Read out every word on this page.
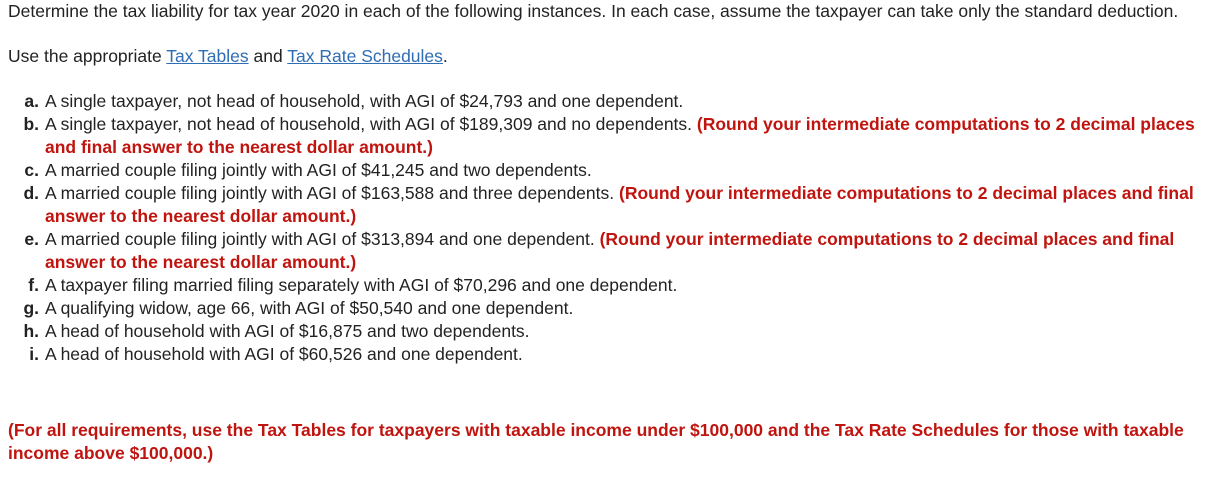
Determine the tax liability for tax year 2020 in each of the following instances. In each case, assume the taxpayer can take only the standard deduction.

Use the appropriate Tax Tables and Tax Rate Schedules.

a. A single taxpayer, not head of household, with AGI of $24,793 and one dependent.
b. A single taxpayer, not head of household, with AGI of $189,309 and no dependents. (Round your intermediate computations to 2 decimal places and final answer to the nearest dollar amount.)
c. A married couple filing jointly with AGI of $41,245 and two dependents.
d. A married couple filing jointly with AGI of $163,588 and three dependents. (Round your intermediate computations to 2 decimal places and final answer to the nearest dollar amount.)
e. A married couple filing jointly with AGI of $313,894 and one dependent. (Round your intermediate computations to 2 decimal places and final answer to the nearest dollar amount.)
f. A taxpayer filing married filing separately with AGI of $70,296 and one dependent.
g. A qualifying widow, age 66, with AGI of $50,540 and one dependent.
h. A head of household with AGI of $16,875 and two dependents.
i. A head of household with AGI of $60,526 and one dependent.

(For all requirements, use the Tax Tables for taxpayers with taxable income under $100,000 and the Tax Rate Schedules for those with taxable income above $100,000.)
